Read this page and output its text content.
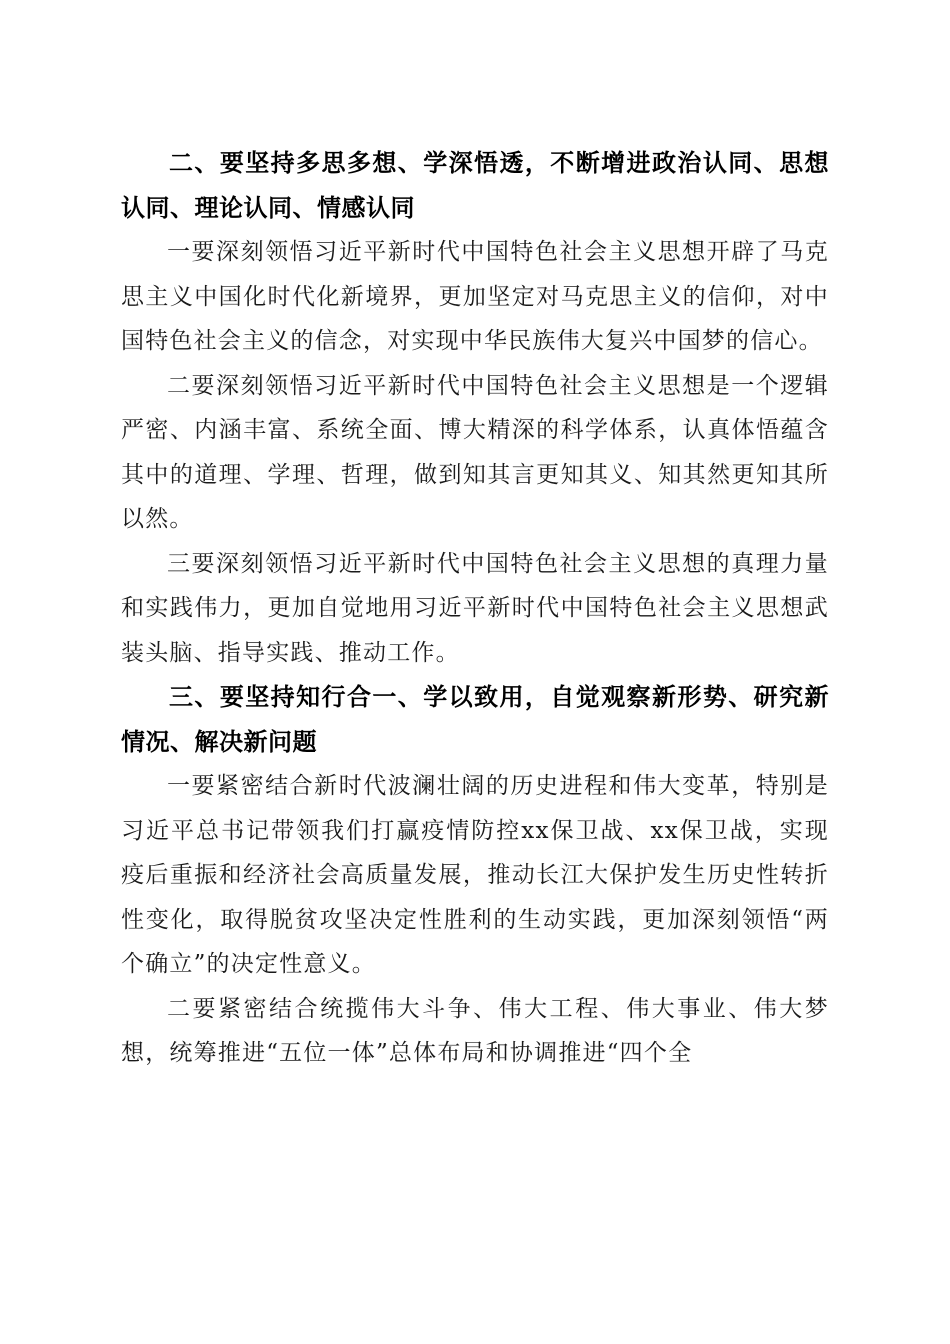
二、要坚持多思多想、学深悟透，不断增进政治认同、思想认同、理论认同、情感认同

一要深刻领悟习近平新时代中国特色社会主义思想开辟了马克思主义中国化时代化新境界，更加坚定对马克思主义的信仰，对中国特色社会主义的信念，对实现中华民族伟大复兴中国梦的信心。

二要深刻领悟习近平新时代中国特色社会主义思想是一个逻辑严密、内涵丰富、系统全面、博大精深的科学体系，认真体悟蕴含其中的道理、学理、哲理，做到知其言更知其义、知其然更知其所以然。

三要深刻领悟习近平新时代中国特色社会主义思想的真理力量和实践伟力，更加自觉地用习近平新时代中国特色社会主义思想武装头脑、指导实践、推动工作。

三、要坚持知行合一、学以致用，自觉观察新形势、研究新情况、解决新问题

一要紧密结合新时代波澜壮阔的历史进程和伟大变革，特别是习近平总书记带领我们打赢疫情防控xx保卫战、xx保卫战，实现疫后重振和经济社会高质量发展，推动长江大保护发生历史性转折性变化，取得脱贫攻坚决定性胜利的生动实践，更加深刻领悟“两个确立”的决定性意义。

二要紧密结合统揽伟大斗争、伟大工程、伟大事业、伟大梦想，统筹推进“五位一体”总体布局和协调推进“四个全
